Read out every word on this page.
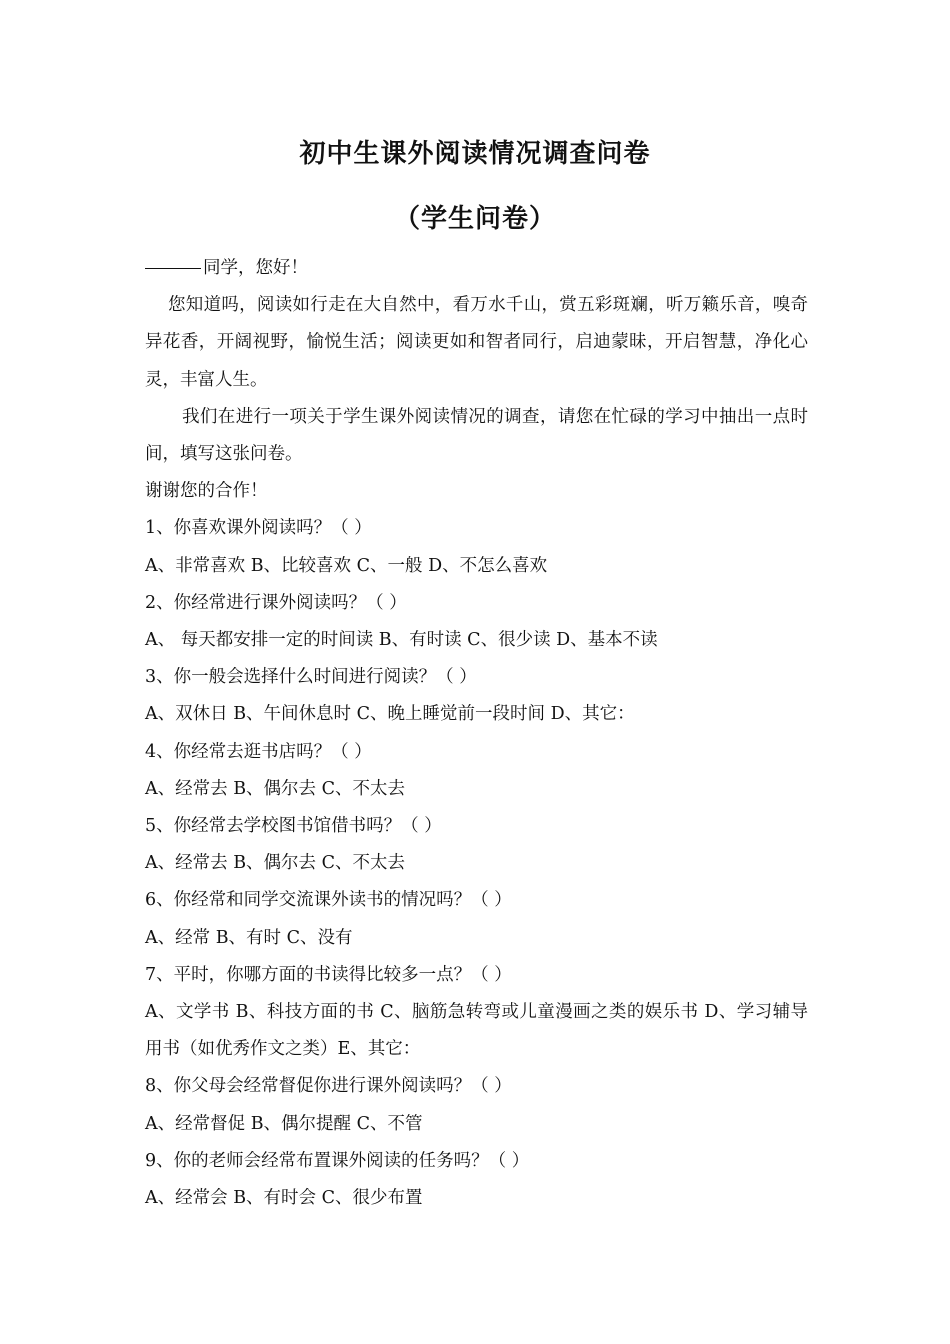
初中生课外阅读情况调查问卷
（学生问卷）
同学，您好！
您知道吗，阅读如行走在大自然中，看万水千山，赏五彩斑斓，听万籁乐音，嗅奇异花香，开阔视野，愉悦生活；阅读更如和智者同行，启迪蒙昧，开启智慧，净化心灵，丰富人生。
我们在进行一项关于学生课外阅读情况的调查，请您在忙碌的学习中抽出一点时间，填写这张问卷。
谢谢您的合作！
1、你喜欢课外阅读吗？（ ）
A、非常喜欢 B、比较喜欢 C、一般 D、不怎么喜欢
2、你经常进行课外阅读吗？（ ）
A、 每天都安排一定的时间读 B、有时读 C、很少读 D、基本不读
3、你一般会选择什么时间进行阅读？（ ）
A、双休日 B、午间休息时 C、晚上睡觉前一段时间 D、其它：
4、你经常去逛书店吗？（ ）
A、经常去 B、偶尔去 C、不太去
5、你经常去学校图书馆借书吗？（ ）
A、经常去 B、偶尔去 C、不太去
6、你经常和同学交流课外读书的情况吗？（ ）
A、经常 B、有时 C、没有
7、平时，你哪方面的书读得比较多一点？（ ）
A、文学书 B、科技方面的书 C、脑筋急转弯或儿童漫画之类的娱乐书 D、学习辅导用书（如优秀作文之类）E、其它：
8、你父母会经常督促你进行课外阅读吗？（ ）
A、经常督促 B、偶尔提醒 C、不管
9、你的老师会经常布置课外阅读的任务吗？（ ）
A、经常会 B、有时会 C、很少布置
